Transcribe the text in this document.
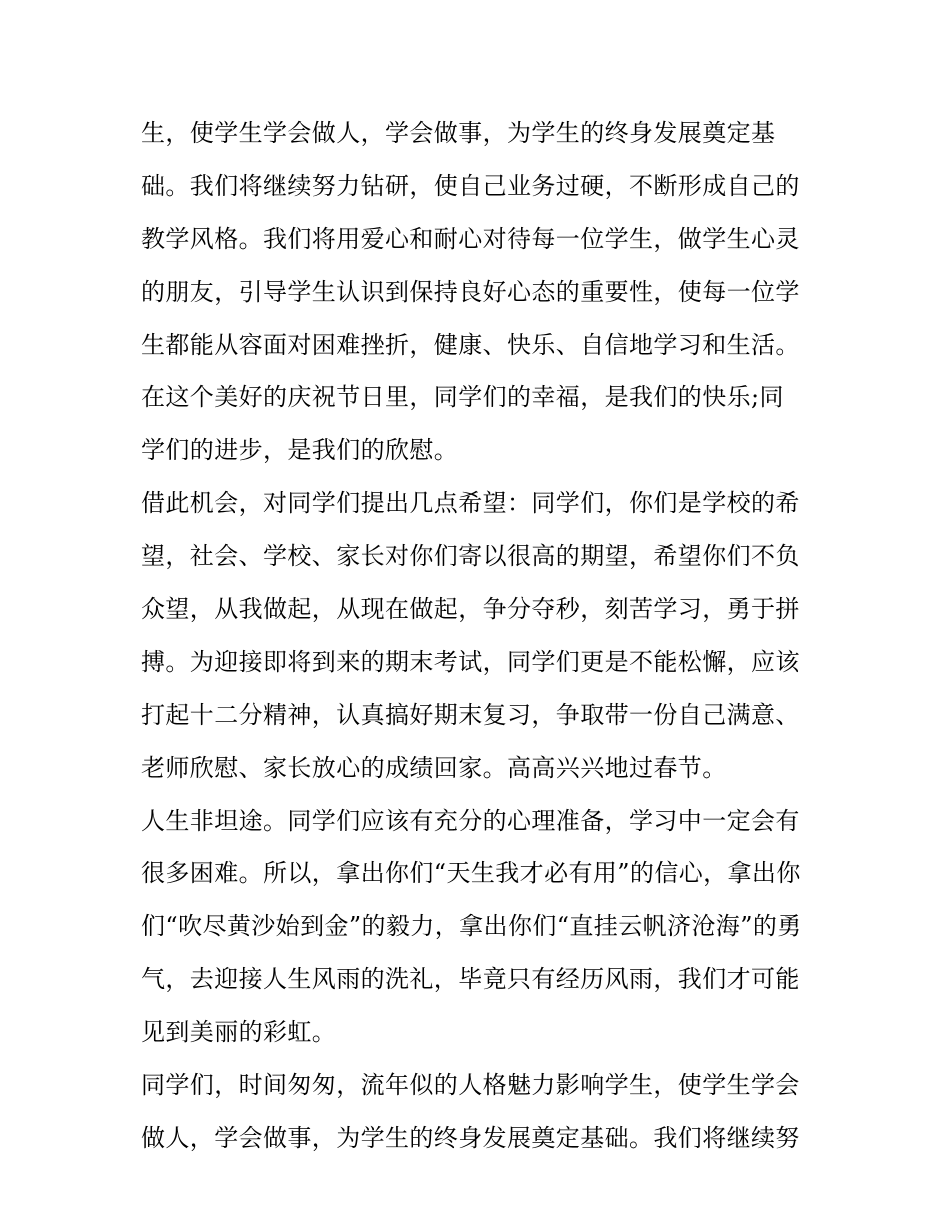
生，使学生学会做人，学会做事，为学生的终身发展奠定基
础。我们将继续努力钻研，使自己业务过硬，不断形成自己的
教学风格。我们将用爱心和耐心对待每一位学生，做学生心灵
的朋友，引导学生认识到保持良好心态的重要性，使每一位学
生都能从容面对困难挫折，健康、快乐、自信地学习和生活。
在这个美好的庆祝节日里，同学们的幸福，是我们的快乐;同
学们的进步，是我们的欣慰。
借此机会，对同学们提出几点希望：同学们，你们是学校的希
望，社会、学校、家长对你们寄以很高的期望，希望你们不负
众望，从我做起，从现在做起，争分夺秒，刻苦学习，勇于拼
搏。为迎接即将到来的期末考试，同学们更是不能松懈，应该
打起十二分精神，认真搞好期末复习，争取带一份自己满意、
老师欣慰、家长放心的成绩回家。高高兴兴地过春节。
人生非坦途。同学们应该有充分的心理准备，学习中一定会有
很多困难。所以，拿出你们“天生我才必有用”的信心，拿出你
们“吹尽黄沙始到金”的毅力，拿出你们“直挂云帆济沧海”的勇
气，去迎接人生风雨的洗礼，毕竟只有经历风雨，我们才可能
见到美丽的彩虹。
同学们，时间匆匆，流年似的人格魅力影响学生，使学生学会
做人，学会做事，为学生的终身发展奠定基础。我们将继续努
